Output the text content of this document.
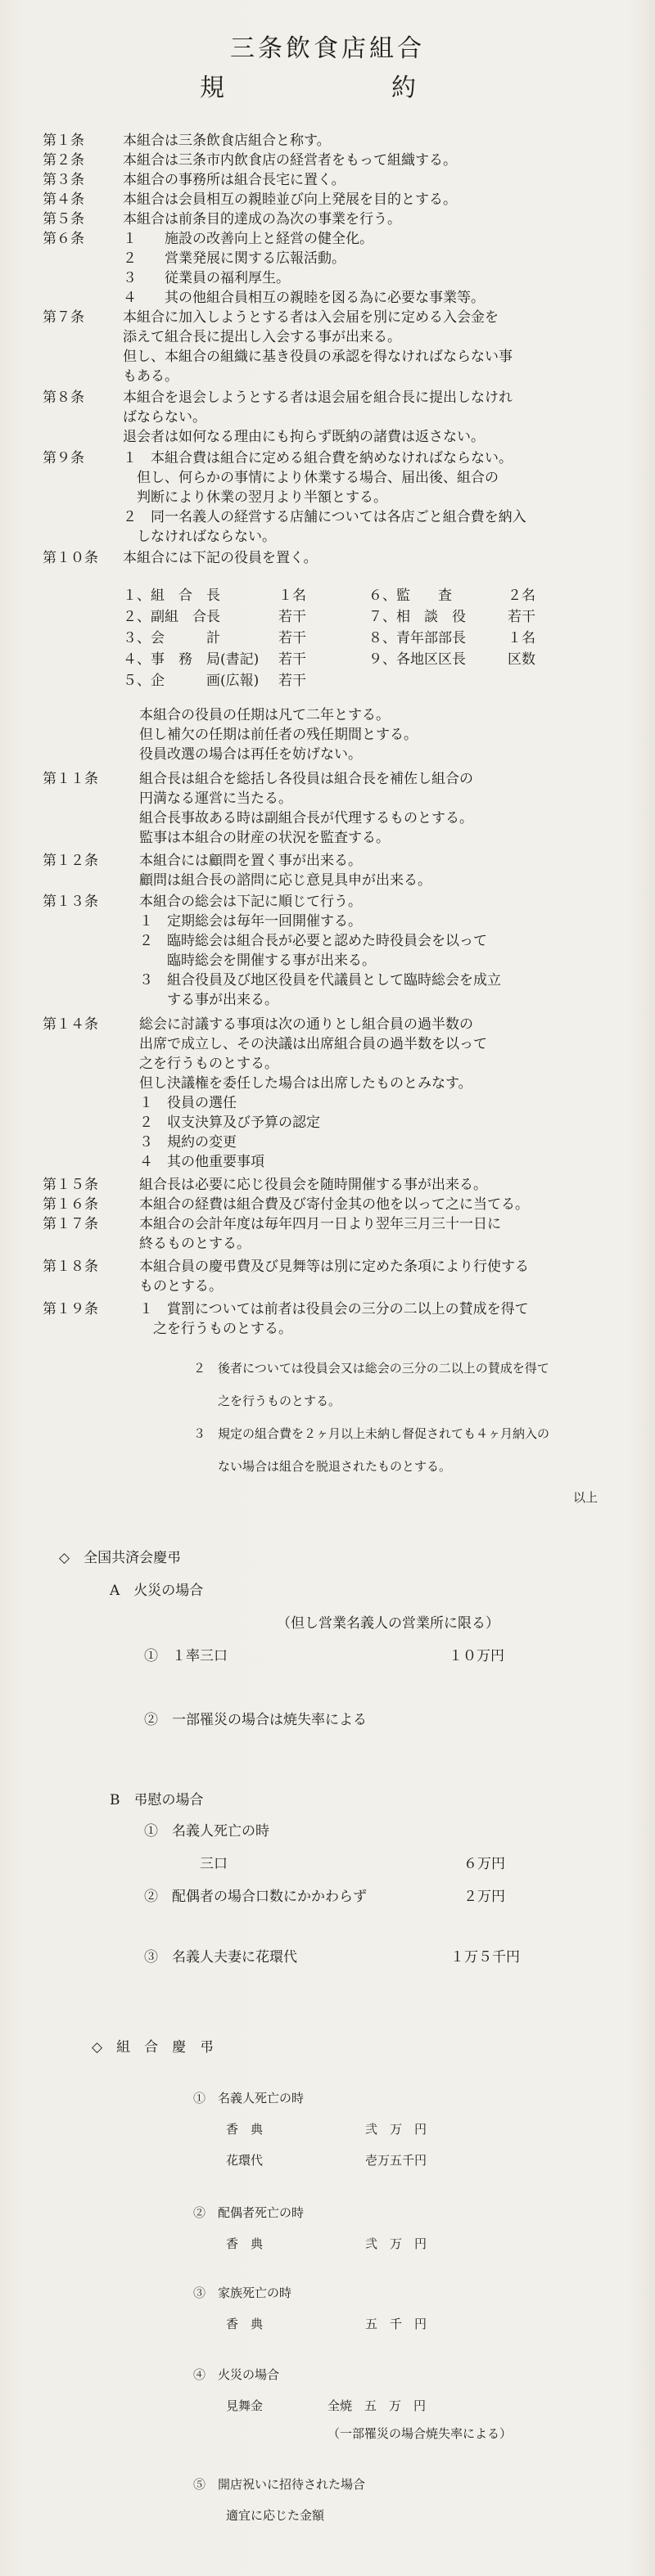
三条飲食店組合
規　　約
第１条	本組合は三条飲食店組合と称す。
第２条	本組合は三条市内飲食店の経営者をもって組織する。
第３条	本組合の事務所は組合長宅に置く。
第４条	本組合は会員相互の親睦並び向上発展を目的とする。
第５条	本組合は前条目的達成の為次の事業を行う。
第６条	１　　施設の改善向上と経営の健全化。
２　　営業発展に関する広報活動。
３　　従業員の福利厚生。
４　　其の他組合員相互の親睦を図る為に必要な事業等。
第７条	本組合に加入しようとする者は入会届を別に定める入会金を
添えて組合長に提出し入会する事が出来る。
但し、本組合の組織に基き役員の承認を得なければならない事
もある。
第８条	本組合を退会しようとする者は退会届を組合長に提出しなけれ
ばならない。
退会者は如何なる理由にも拘らず既納の諸費は返さない。
第９条	１　本組合費は組合に定める組合費を納めなければならない。
　但し、何らかの事情により休業する場合、届出後、組合の
　判断により休業の翌月より半額とする。
２　同一名義人の経営する店舗については各店ごと組合費を納入
　しなければならない。
第１０条 本組合には下記の役員を置く。
１、組　合　長	１名	６、監　　査	２名
２、副組　合長	若干	７、相　談　役	若干
３、会　　　計	若干	８、青年部部長	１名
４、事　務　局(書記) 若干	９、各地区区長	区数
５、企　　　画(広報) 若干
本組合の役員の任期は凡て二年とする。
但し補欠の任期は前任者の残任期間とする。
役員改選の場合は再任を妨げない。
第１１条	組合長は組合を総括し各役員は組合長を補佐し組合の
円満なる運営に当たる。
組合長事故ある時は副組合長が代理するものとする。
監事は本組合の財産の状況を監査する。
第１２条	本組合には顧問を置く事が出来る。
顧問は組合長の諮問に応じ意見具申が出来る。
第１３条	本組合の総会は下記に順じて行う。
１　定期総会は毎年一回開催する。
２　臨時総会は組合長が必要と認めた時役員会を以って
　　臨時総会を開催する事が出来る。
３　組合役員及び地区役員を代議員として臨時総会を成立
　　する事が出来る。
第１４条	総会に討議する事項は次の通りとし組合員の過半数の
出席で成立し、その決議は出席組合員の過半数を以って
之を行うものとする。
但し決議権を委任した場合は出席したものとみなす。
１　役員の選任
２　収支決算及び予算の認定
３　規約の変更
４　其の他重要事項
第１５条	組合長は必要に応じ役員会を随時開催する事が出来る。
第１６条	本組合の経費は組合費及び寄付金其の他を以って之に当てる。
第１７条	本組合の会計年度は毎年四月一日より翌年三月三十一日に
終るものとする。
第１８条	本組合員の慶弔費及び見舞等は別に定めた条項により行使する
ものとする。
第１９条	１　賞罰については前者は役員会の三分の二以上の賛成を得て
　之を行うものとする。
２　後者については役員会又は総会の三分の二以上の賛成を得て
之を行うものとする。
３　規定の組合費を２ヶ月以上未納し督促されても４ヶ月納入の
ない場合は組合を脱退されたものとする。
以上
◇　全国共済会慶弔
A　火災の場合
（但し営業名義人の営業所に限る）
①　１率三口	１０万円
②　一部罹災の場合は焼失率による
B　弔慰の場合
①　名義人死亡の時
三口	６万円
②　配偶者の場合口数にかかわらず	２万円
③　名義人夫妻に花環代	１万５千円
◇　組　合　慶　弔
①　名義人死亡の時
香　典	弐　万　円
花環代	壱万五千円
②　配偶者死亡の時
香　典	弐　万　円
③　家族死亡の時
香　典	五　千　円
④　火災の場合
見舞金	全焼　五　万　円
（一部罹災の場合焼失率による）
⑤　開店祝いに招待された場合
適宜に応じた金額
